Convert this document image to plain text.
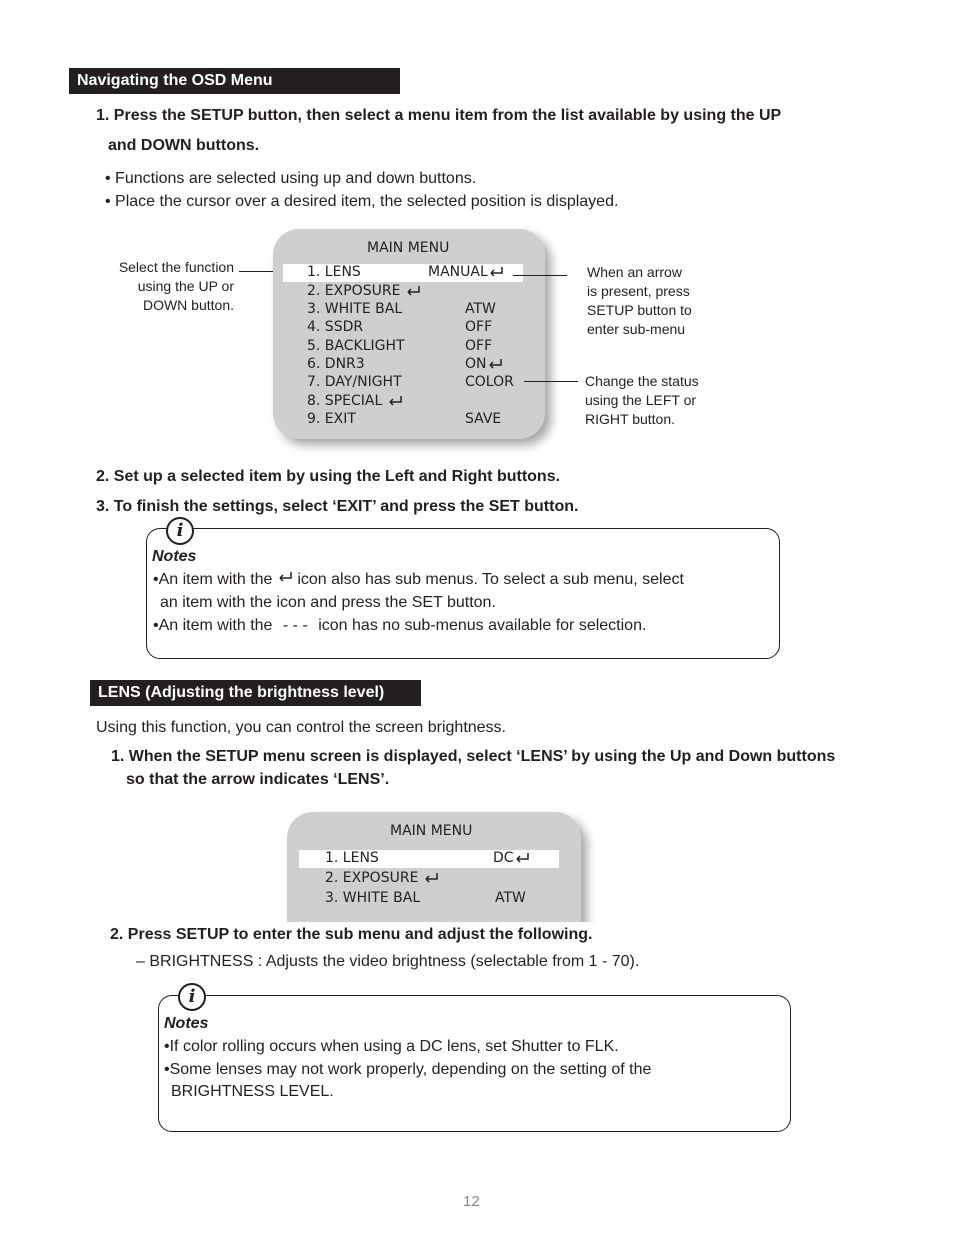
Navigating the OSD Menu
1. Press the SETUP button, then select a menu item from the list available by using the UP
and DOWN buttons.
• Functions are selected using up and down buttons.
• Place the cursor over a desired item, the selected position is displayed.
Select the function
using the UP or
DOWN button.
MAIN MENU
1. LENS	MANUAL
2. EXPOSURE
3. WHITE BAL	ATW
4. SSDR	OFF
5. BACKLIGHT	OFF
6. DNR3	ON
7. DAY/NIGHT	COLOR
8. SPECIAL
9. EXIT	SAVE
When an arrow
is present, press
SETUP button to
enter sub-menu
Change the status
using the LEFT or
RIGHT button.
2. Set up a selected item by using the Left and Right buttons.
3. To finish the settings, select ‘EXIT’ and press the SET button.
i
Notes
•An item with the icon also has sub menus. To select a sub menu, select
an item with the icon and press the SET button.
•An item with the - - - icon has no sub-menus available for selection.
LENS (Adjusting the brightness level)
Using this function, you can control the screen brightness.
1. When the SETUP menu screen is displayed, select ‘LENS’ by using the Up and Down buttons
so that the arrow indicates ‘LENS’.
MAIN MENU
1. LENS	DC
2. EXPOSURE
3. WHITE BAL	ATW
2. Press SETUP to enter the sub menu and adjust the following.
– BRIGHTNESS : Adjusts the video brightness (selectable from 1 - 70).
i
Notes
•If color rolling occurs when using a DC lens, set Shutter to FLK.
•Some lenses may not work properly, depending on the setting of the
BRIGHTNESS LEVEL.
12
